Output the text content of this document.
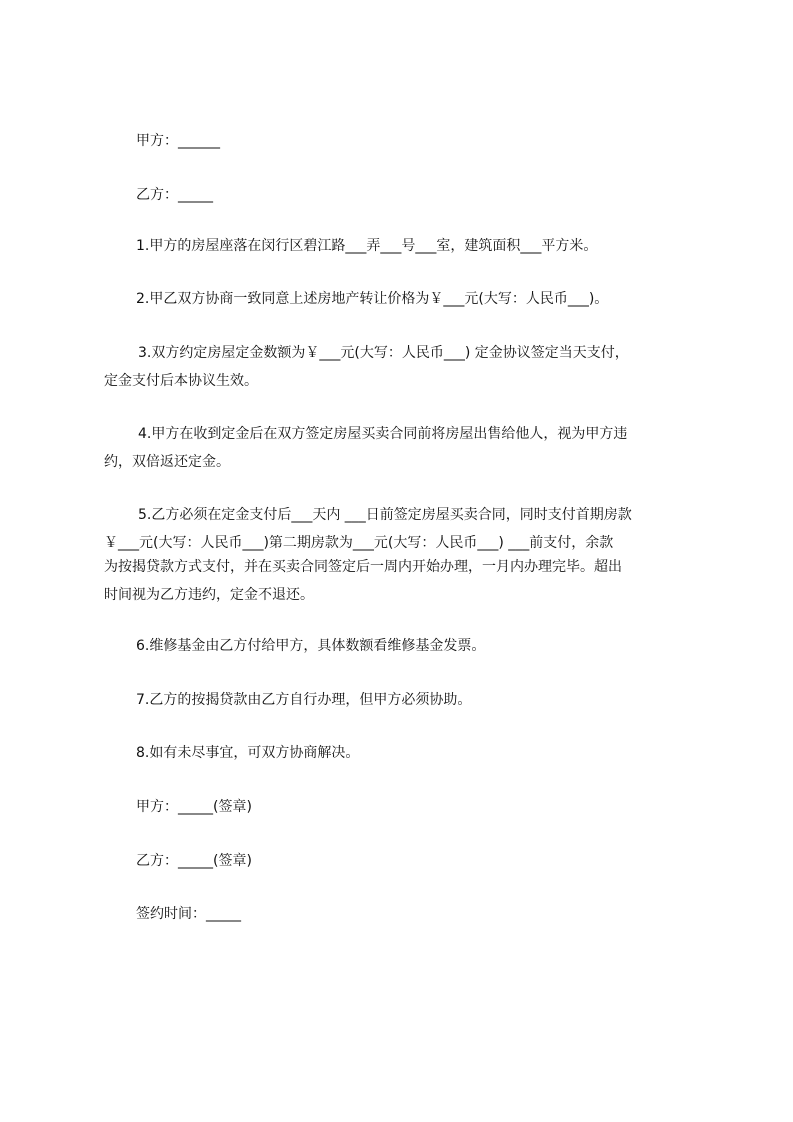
甲方：______
乙方：_____
1.甲方的房屋座落在闵行区碧江路___弄___号___室，建筑面积___平方米。
2.甲乙双方协商一致同意上述房地产转让价格为￥___元(大写：人民币___)。
3.双方约定房屋定金数额为￥___元(大写：人民币___) 定金协议签定当天支付，
定金支付后本协议生效。
4.甲方在收到定金后在双方签定房屋买卖合同前将房屋出售给他人，视为甲方违
约，双倍返还定金。
5.乙方必须在定金支付后___天内 ___日前签定房屋买卖合同，同时支付首期房款
￥___元(大写：人民币___)第二期房款为___元(大写：人民币___) ___前支付，余款
为按揭贷款方式支付，并在买卖合同签定后一周内开始办理，一月内办理完毕。超出
时间视为乙方违约，定金不退还。
6.维修基金由乙方付给甲方，具体数额看维修基金发票。
7.乙方的按揭贷款由乙方自行办理，但甲方必须协助。
8.如有未尽事宜，可双方协商解决。
甲方：_____(签章)
乙方：_____(签章)
签约时间：_____
